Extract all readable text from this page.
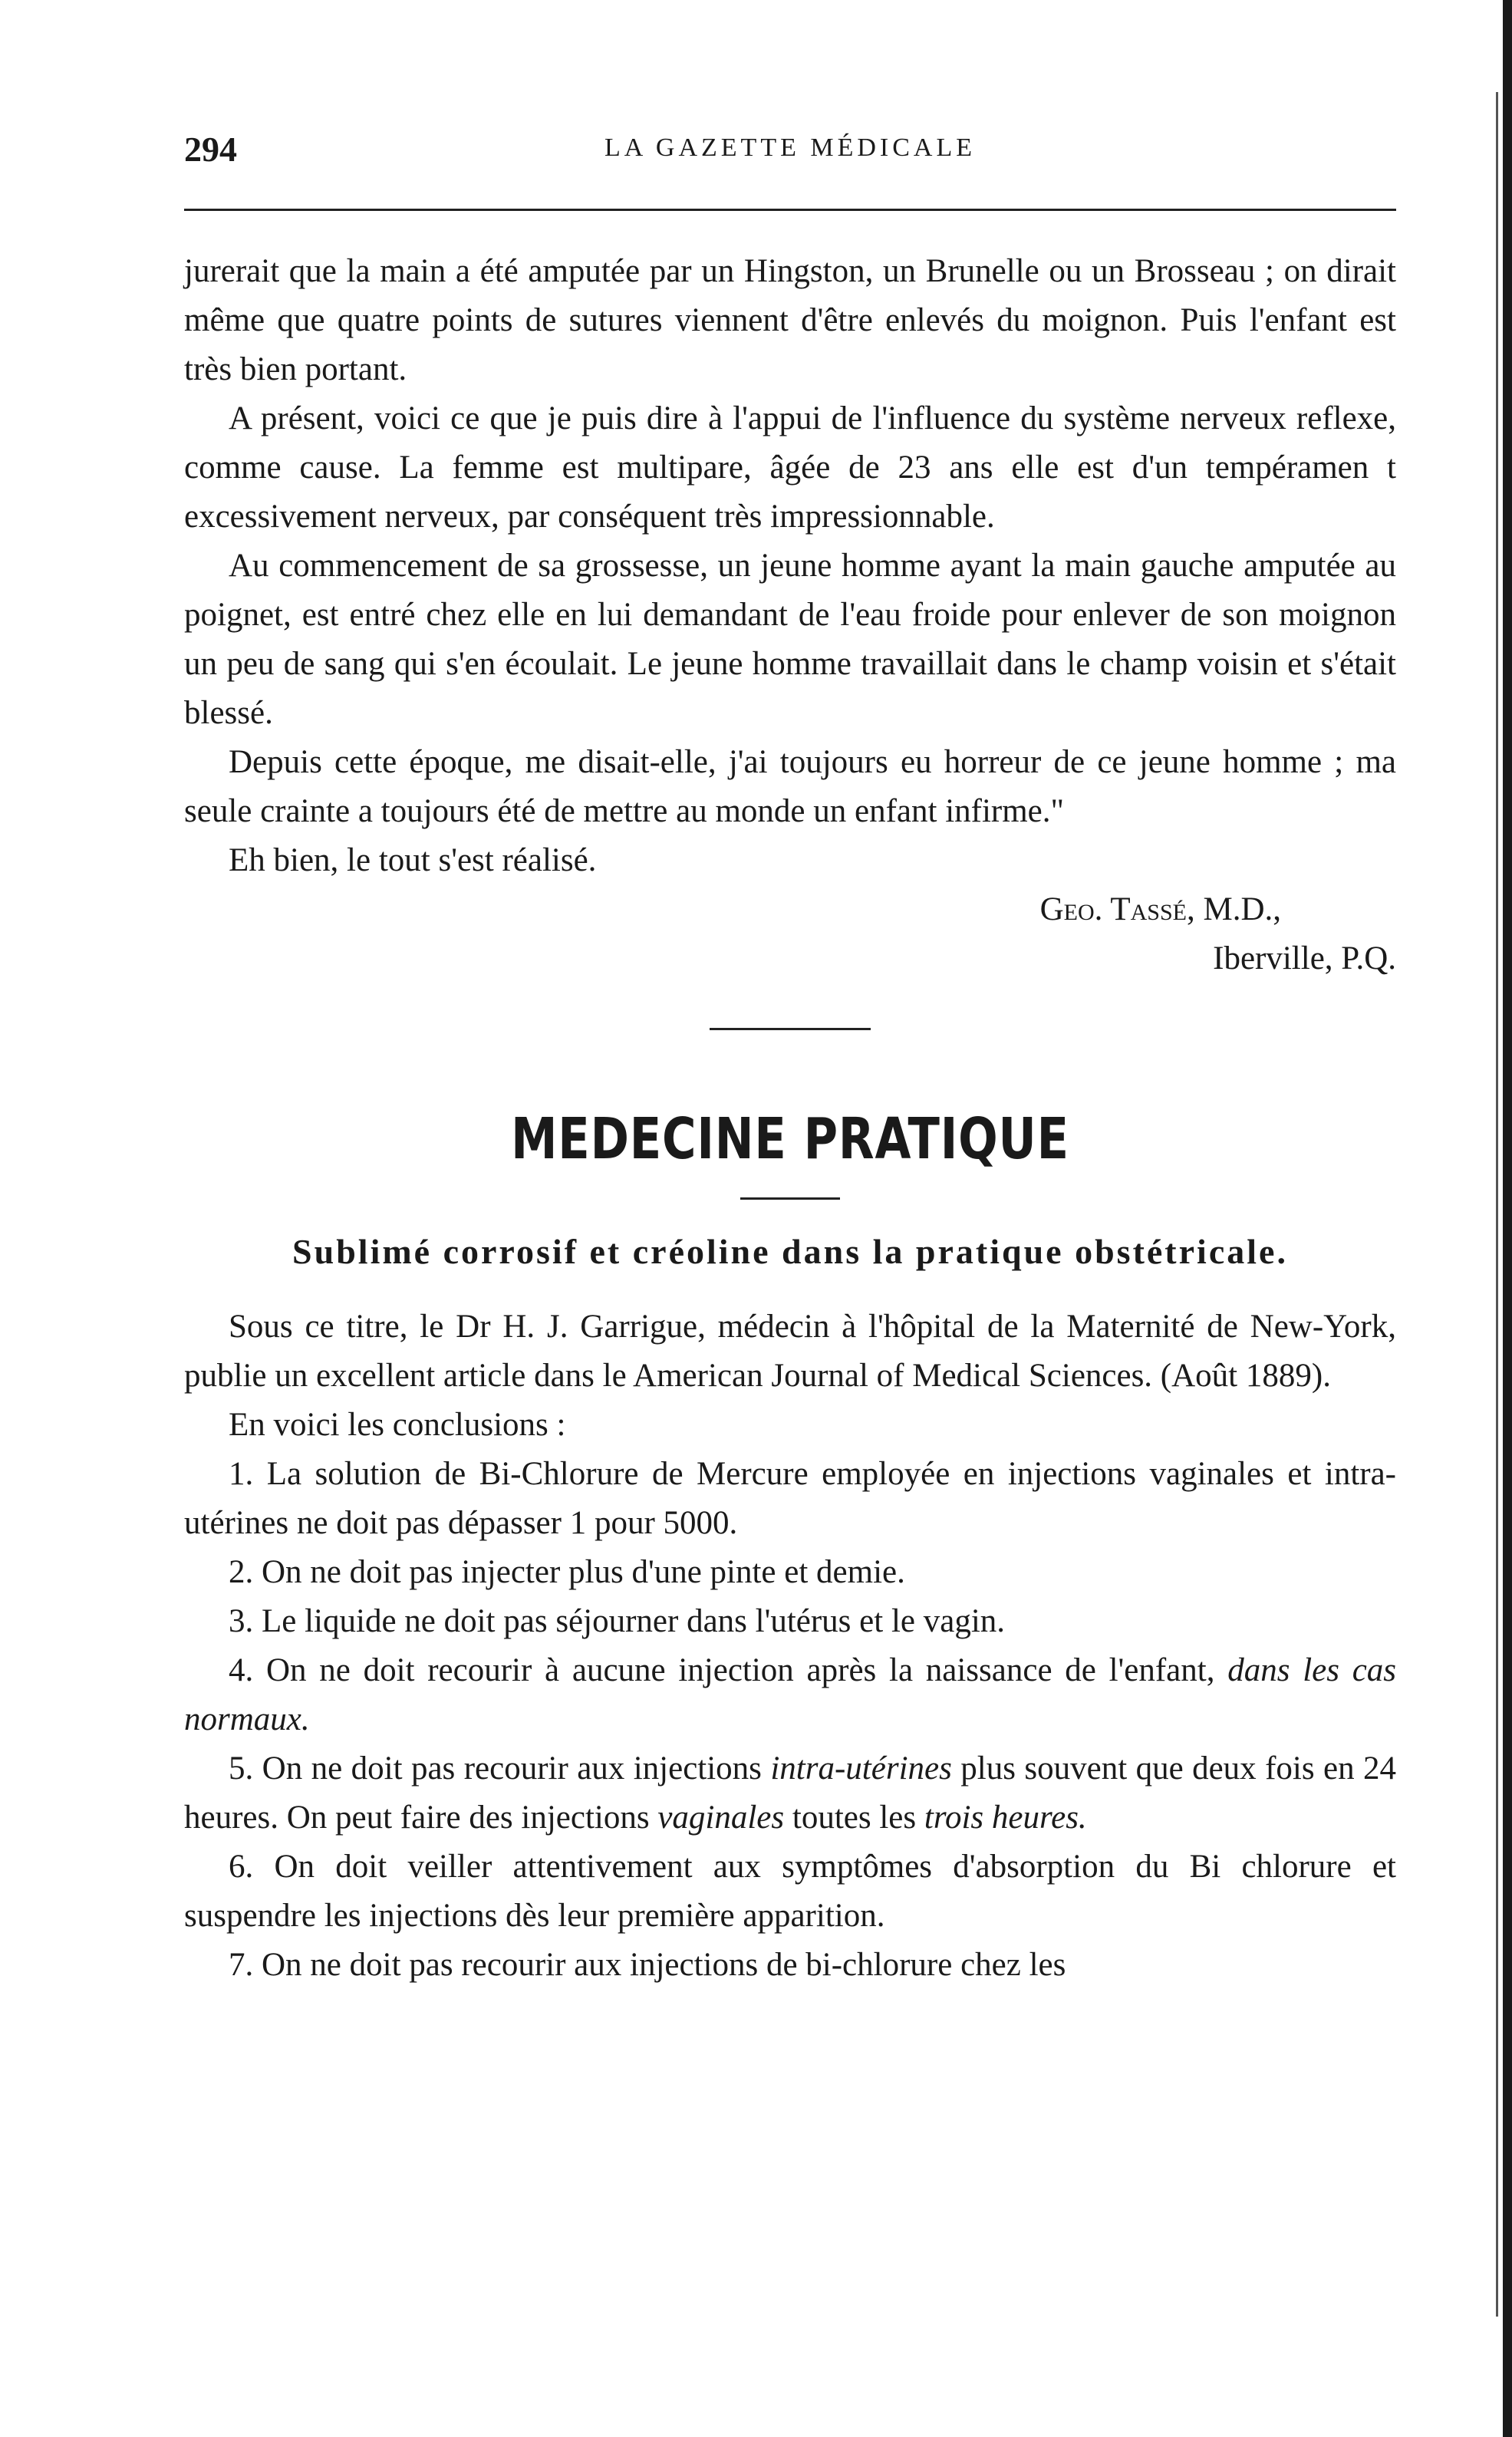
294	LA GAZETTE MÉDICALE

jurerait que la main a été amputée par un Hingston, un Brunelle ou un Brosseau ; on dirait même que quatre points de sutures viennent d'être enlevés du moignon. Puis l'enfant est très bien portant.

A présent, voici ce que je puis dire à l'appui de l'influence du système nerveux reflexe, comme cause. La femme est multipare, âgée de 23 ans elle est d'un tempéramen t excessivement nerveux, par conséquent très impressionnable.

Au commencement de sa grossesse, un jeune homme ayant la main gauche amputée au poignet, est entré chez elle en lui demandant de l'eau froide pour enlever de son moignon un peu de sang qui s'en écoulait. Le jeune homme travaillait dans le champ voisin et s'était blessé.

Depuis cette époque, me disait-elle, j'ai toujours eu horreur de ce jeune homme ; ma seule crainte a toujours été de mettre au monde un enfant infirme."

Eh bien, le tout s'est réalisé.

Geo. Tassé, M.D.,

Iberville, P.Q.

MEDECINE PRATIQUE
Sublimé corrosif et créoline dans la pratique obstétricale.

Sous ce titre, le Dr H. J. Garrigue, médecin à l'hôpital de la Maternité de New-York, publie un excellent article dans le American Journal of Medical Sciences. (Août 1889).

En voici les conclusions :

1. La solution de Bi-Chlorure de Mercure employée en injections vaginales et intra-utérines ne doit pas dépasser 1 pour 5000.

2. On ne doit pas injecter plus d'une pinte et demie.

3. Le liquide ne doit pas séjourner dans l'utérus et le vagin.

4. On ne doit recourir à aucune injection après la naissance de l'enfant, dans les cas normaux.

5. On ne doit pas recourir aux injections intra-utérines plus souvent que deux fois en 24 heures. On peut faire des injections vaginales toutes les trois heures.

6. On doit veiller attentivement aux symptômes d'absorption du Bi chlorure et suspendre les injections dès leur première apparition.

7. On ne doit pas recourir aux injections de bi-chlorure chez les
